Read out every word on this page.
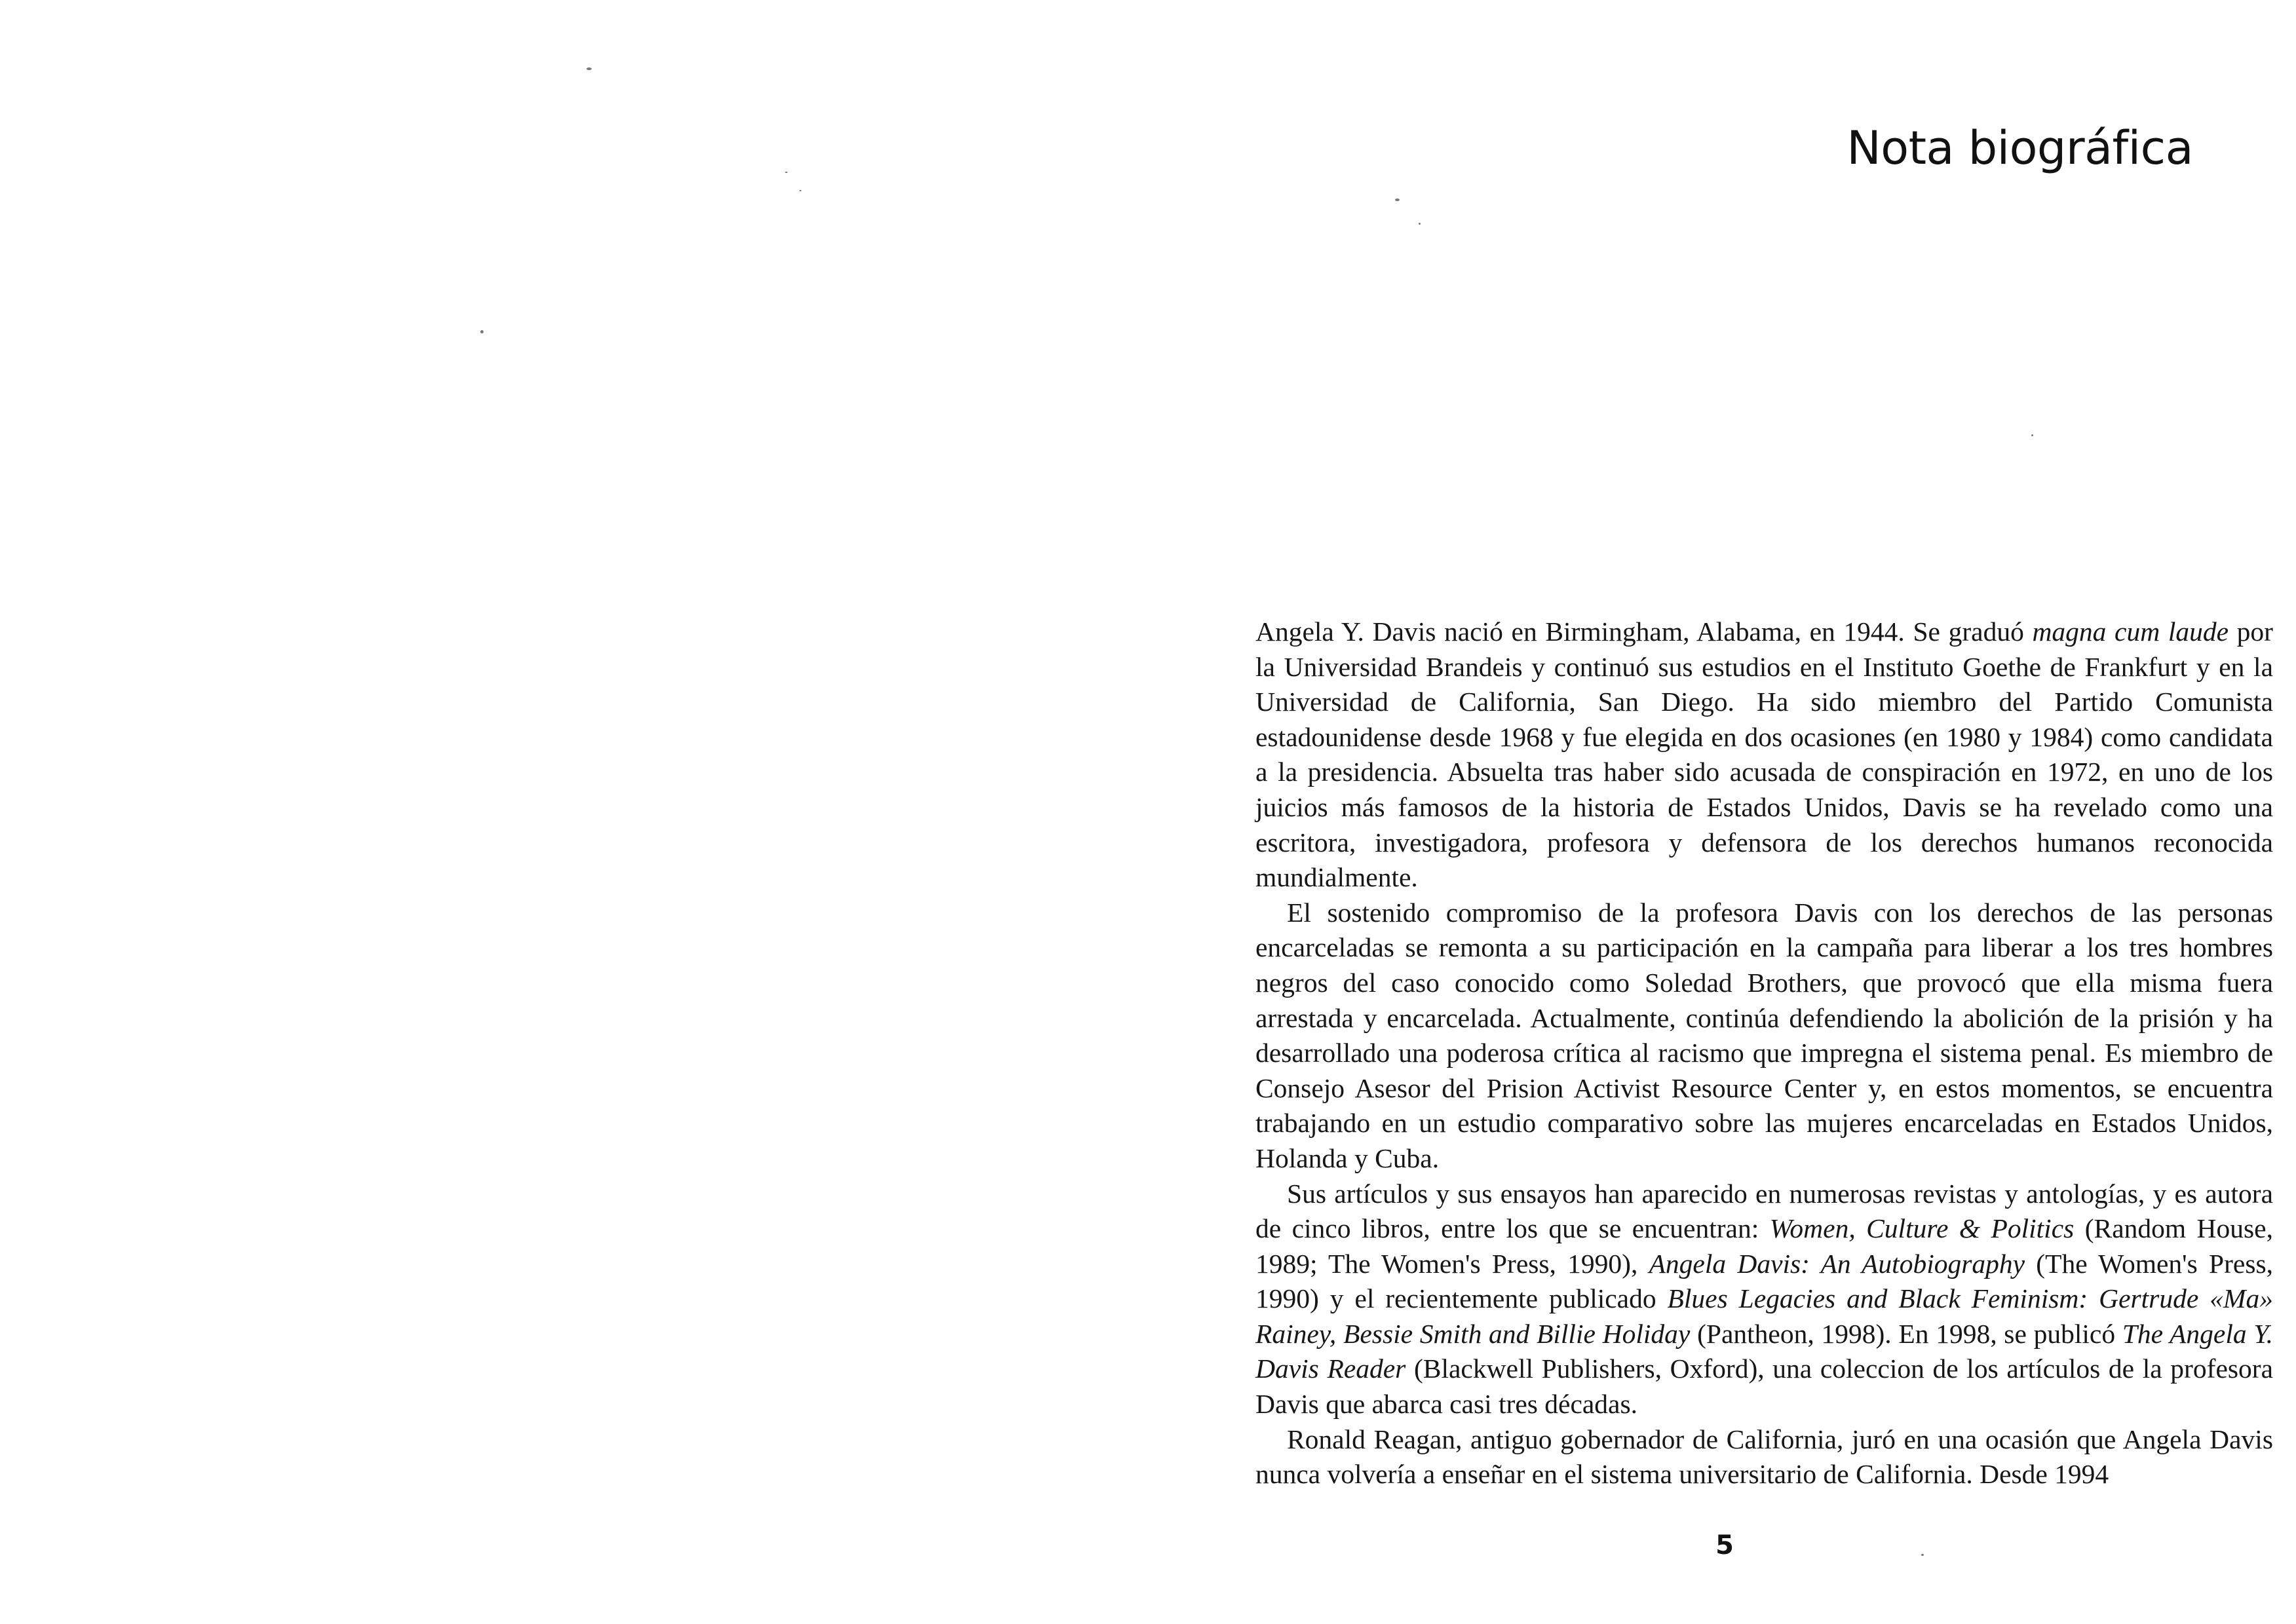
Nota biográfica

Angela Y. Davis nació en Birmingham, Alabama, en 1944. Se graduó magna cum laude por la Universidad Brandeis y continuó sus estudios en el Instituto Goethe de Frankfurt y en la Universidad de California, San Diego. Ha sido miembro del Partido Comunista estadounidense desde 1968 y fue elegida en dos ocasiones (en 1980 y 1984) como candidata a la presidencia. Absuelta tras haber sido acusada de conspiración en 1972, en uno de los juicios más famosos de la historia de Estados Unidos, Davis se ha revelado como una escritora, investigadora, profesora y defensora de los derechos humanos reconocida mundialmente.

El sostenido compromiso de la profesora Davis con los derechos de las personas encarceladas se remonta a su participación en la campaña para liberar a los tres hombres negros del caso conocido como Soledad Brothers, que provocó que ella misma fuera arrestada y encarcelada. Actualmente, continúa defendiendo la abolición de la prisión y ha desarrollado una poderosa crítica al racismo que impregna el sistema penal. Es miembro de Consejo Asesor del Prision Activist Resource Center y, en estos momentos, se encuentra trabajando en un estudio comparativo sobre las mujeres encarceladas en Estados Unidos, Holanda y Cuba.

Sus artículos y sus ensayos han aparecido en numerosas revistas y antologías, y es autora de cinco libros, entre los que se encuentran: Women, Culture & Politics (Random House, 1989; The Women's Press, 1990), Angela Davis: An Autobiography (The Women's Press, 1990) y el recientemente publicado Blues Legacies and Black Feminism: Gertrude «Ma» Rainey, Bessie Smith and Billie Holiday (Pantheon, 1998). En 1998, se publicó The Angela Y. Davis Reader (Blackwell Publishers, Oxford), una coleccion de los artículos de la profesora Davis que abarca casi tres décadas.

Ronald Reagan, antiguo gobernador de California, juró en una ocasión que Angela Davis nunca volvería a enseñar en el sistema universitario de California. Desde 1994

5
